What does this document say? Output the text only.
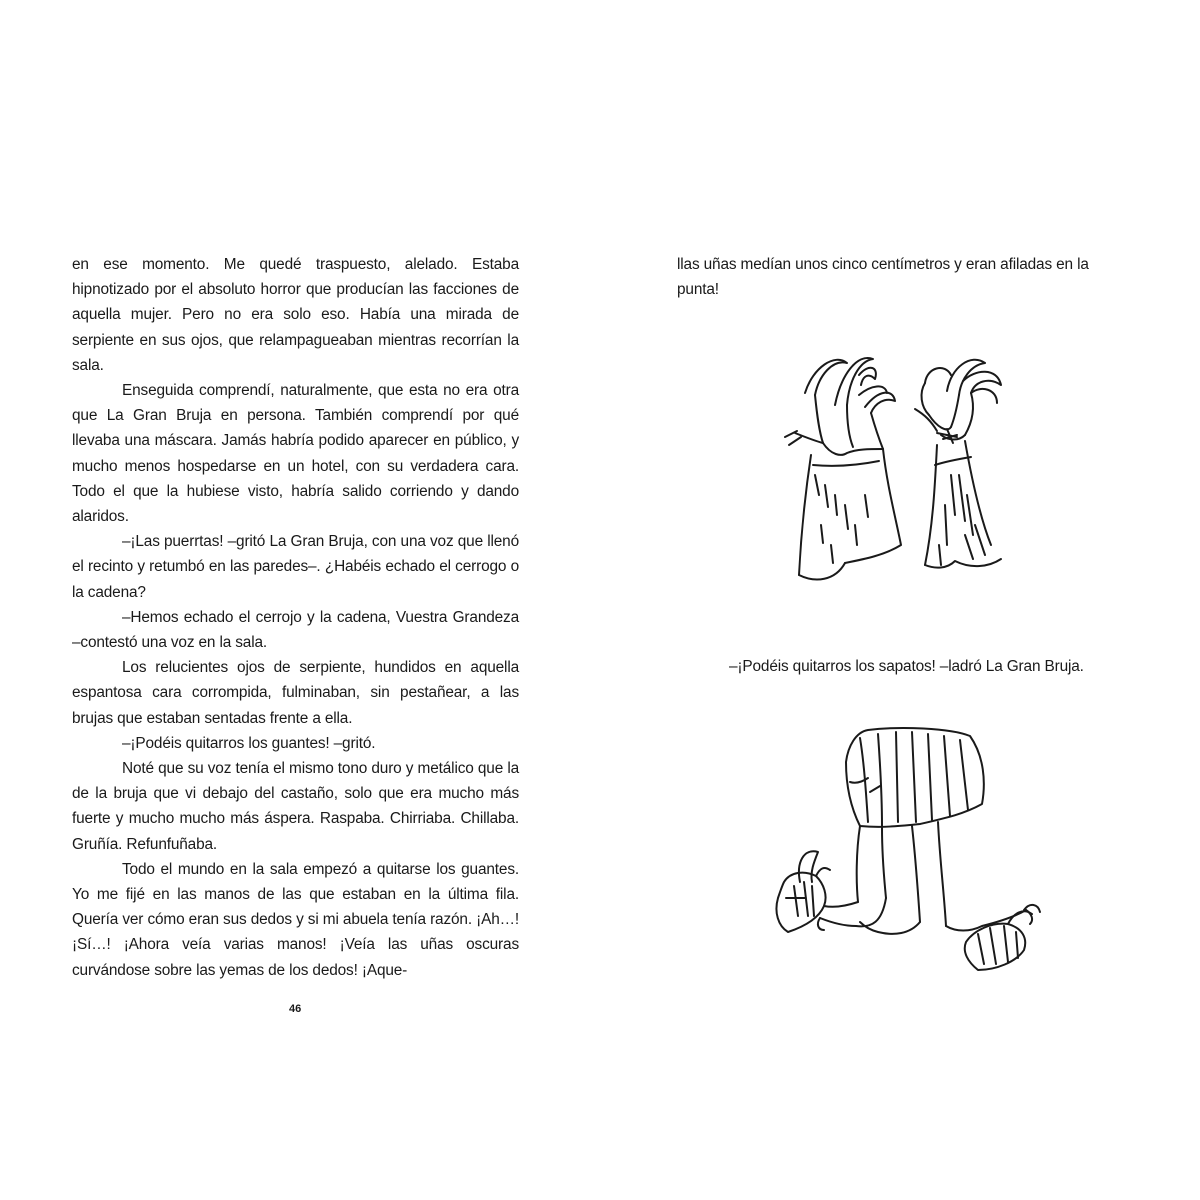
en ese momento. Me quedé traspuesto, alelado. Estaba hipnotizado por el absoluto horror que producían las facciones de aquella mujer. Pero no era solo eso. Había una mirada de serpiente en sus ojos, que relampagueaban mientras recorrían la sala.

Enseguida comprendí, naturalmente, que esta no era otra que La Gran Bruja en persona. También comprendí por qué llevaba una máscara. Jamás habría podido aparecer en público, y mucho menos hospedarse en un hotel, con su verdadera cara. Todo el que la hubiese visto, habría salido corriendo y dando alaridos.

–¡Las puerrtas! –gritó La Gran Bruja, con una voz que llenó el recinto y retumbó en las paredes–. ¿Habéis echado el cerrogo o la cadena?

–Hemos echado el cerrojo y la cadena, Vuestra Grandeza –contestó una voz en la sala.

Los relucientes ojos de serpiente, hundidos en aquella espantosa cara corrompida, fulminaban, sin pestañear, a las brujas que estaban sentadas frente a ella.

–¡Podéis quitarros los guantes! –gritó.

Noté que su voz tenía el mismo tono duro y metálico que la de la bruja que vi debajo del castaño, solo que era mucho más fuerte y mucho mucho más áspera. Raspaba. Chirriaba. Chillaba. Gruñía. Refunfuñaba.

Todo el mundo en la sala empezó a quitarse los guantes. Yo me fijé en las manos de las que estaban en la última fila. Quería ver cómo eran sus dedos y si mi abuela tenía razón. ¡Ah…! ¡Sí…! ¡Ahora veía varias manos! ¡Veía las uñas oscuras curvándose sobre las yemas de los dedos! ¡Aque-

46

llas uñas medían unos cinco centímetros y eran afiladas en la punta!

–¡Podéis quitarros los sapatos! –ladró La Gran Bruja.
